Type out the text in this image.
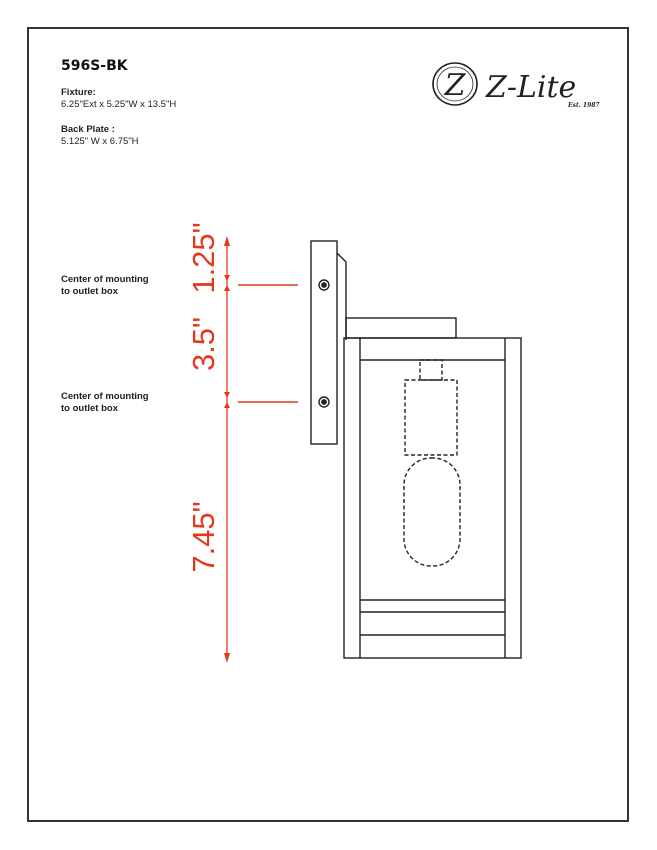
596S-BK
Fixture:
6.25"Ext x 5.25"W x 13.5"H
Back Plate :
5.125" W x 6.75"H
Center of mounting
to outlet box
Center of mounting
to outlet box
Z Z-Lite
Est. 1987
1.25"
3.5"
7.45"
